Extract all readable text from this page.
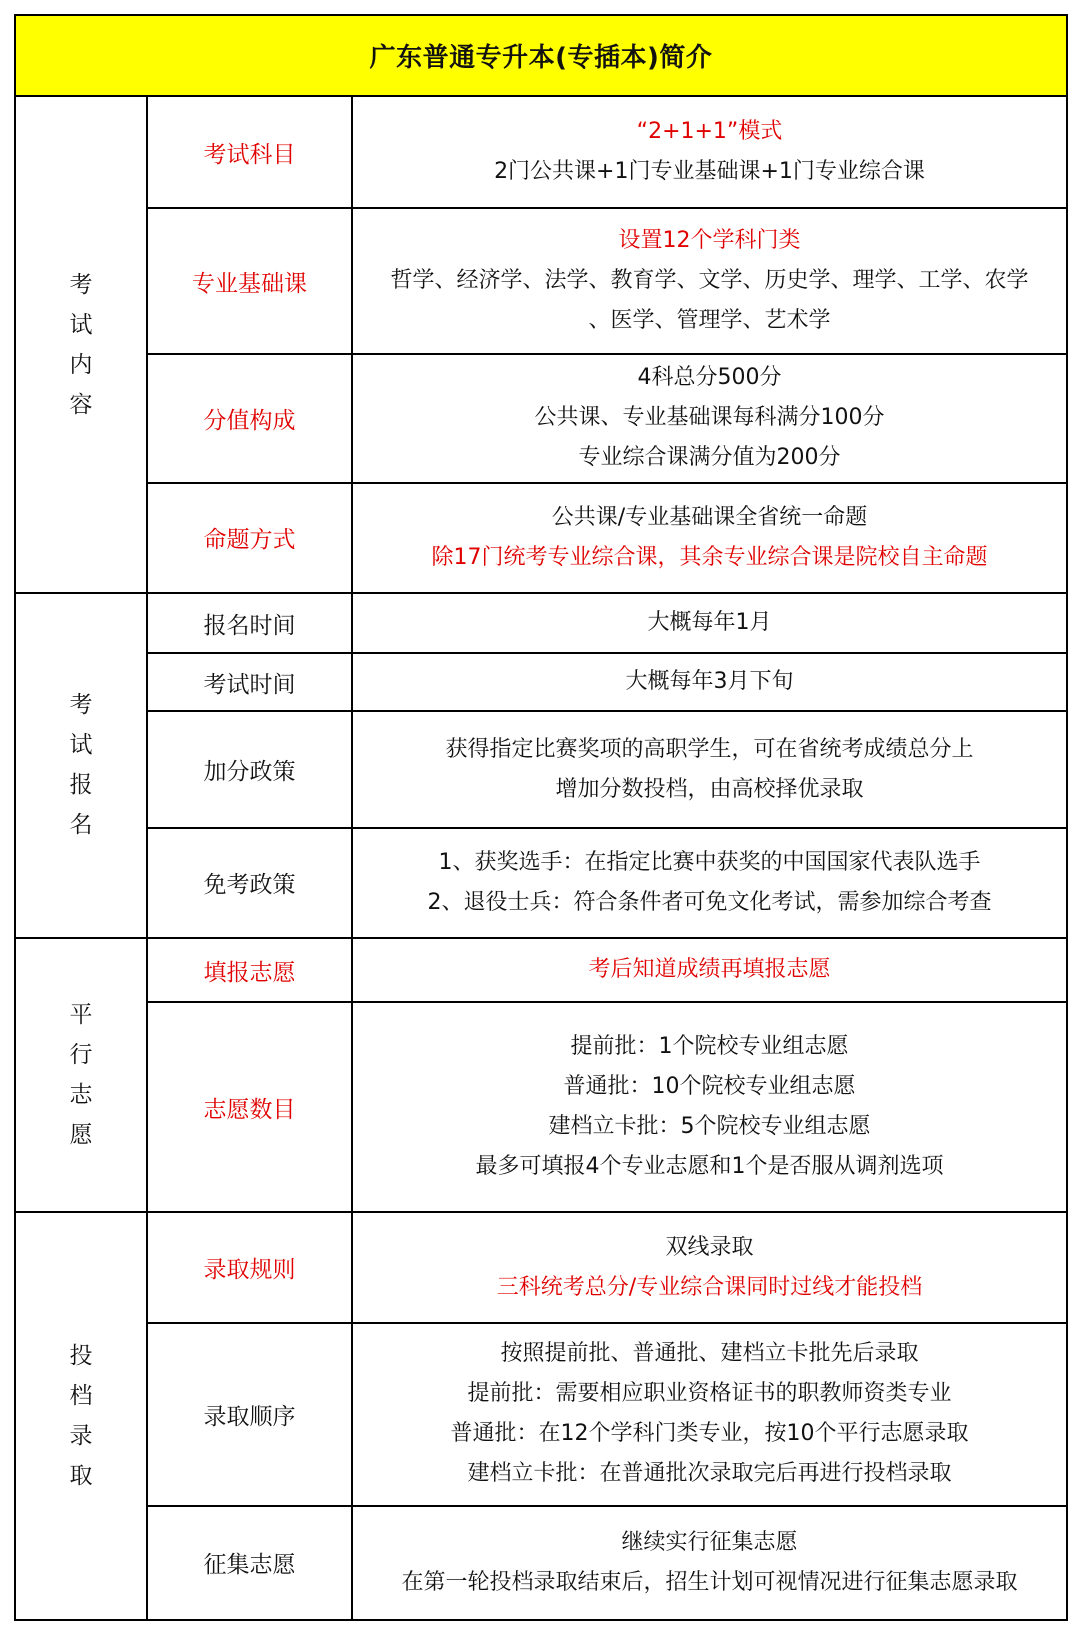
广东普通专升本(专插本)简介		

考
试
内
容	考试科目	“2+1+1”模式
2门公共课+1门专业基础课+1门专业综合课

	专业基础课	设置12个学科门类
哲学、经济学、法学、教育学、文学、历史学、理学、工学、农学
、医学、管理学、艺术学

	分值构成	4科总分500分
公共课、专业基础课每科满分100分
专业综合课满分值为200分

	命题方式	公共课/专业基础课全省统一命题
除17门统考专业综合课，其余专业综合课是院校自主命题

考
试
报
名	报名时间	大概每年1月

	考试时间	大概每年3月下旬

	加分政策	获得指定比赛奖项的高职学生，可在省统考成绩总分上
增加分数投档，由高校择优录取

	免考政策	1、获奖选手：在指定比赛中获奖的中国国家代表队选手
2、退役士兵：符合条件者可免文化考试，需参加综合考查

平
行
志
愿	填报志愿	考后知道成绩再填报志愿

	志愿数目	提前批：1个院校专业组志愿
普通批：10个院校专业组志愿
建档立卡批：5个院校专业组志愿
最多可填报4个专业志愿和1个是否服从调剂选项

投
档
录
取	录取规则	双线录取
三科统考总分/专业综合课同时过线才能投档

	录取顺序	按照提前批、普通批、建档立卡批先后录取
提前批：需要相应职业资格证书的职教师资类专业
普通批：在12个学科门类专业，按10个平行志愿录取
建档立卡批：在普通批次录取完后再进行投档录取

	征集志愿	继续实行征集志愿
在第一轮投档录取结束后，招生计划可视情况进行征集志愿录取
